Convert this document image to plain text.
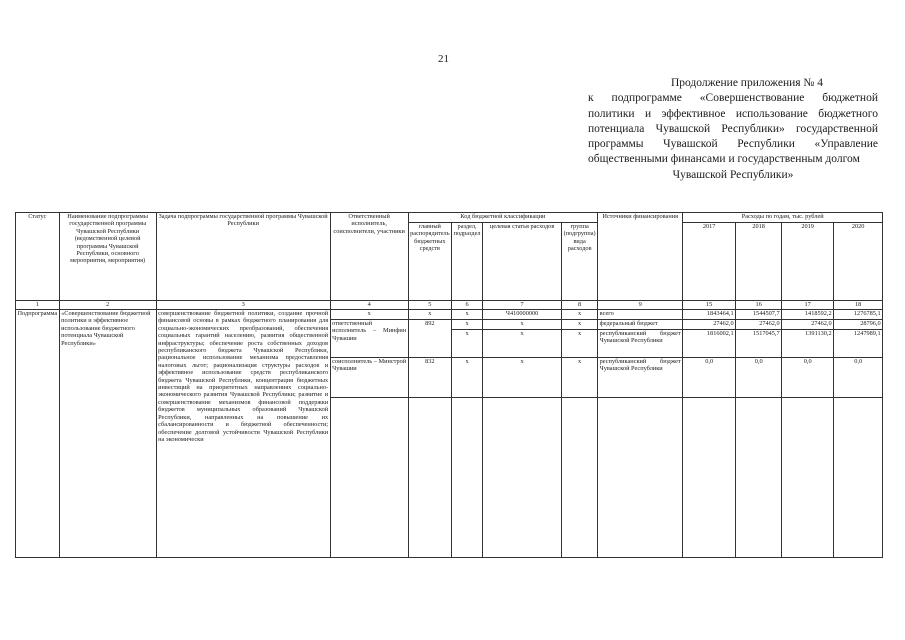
21
Продолжение приложения № 4
к подпрограмме «Совершенствование бюджетной политики и эффективное использование бюджетного потенциала Чувашской Республики» государственной программы Чувашской Республики «Управление общественными финансами и государственным долгом
Чувашской Республики»
Статус	Наименование подпрограммы государственной программы Чувашской Республики (ведомственной целевой программы Чувашской Республики, основного мероприятия, мероприятия)	Задача подпрограммы государственной программы Чувашской Республики	Ответственный исполнитель, соисполнители, участники	Код бюджетной классификации				Источники финансирования	Расходы по годам, тыс. рублей			
				главный распорядитель бюджетных средств	раздел, подраздел	целевая статья расходов	группа (подгруппа) вида расходов		2017	2018	2019	2020
1	2	3	4	5	6	7	8	9	15	16	17	18
Подпрограмма	«Совершенствование бюджетной политики и эффективное использование бюджетного потенциала Чувашской Республики»	совершенствование бюджетной политики, создание прочной финансовой основы в рамках бюджетного планирования для социально-экономических преобразований, обеспечения социальных гарантий населению, развития общественной инфраструктуры; обеспечение роста собственных доходов республиканского бюджета Чувашской Республики, рациональное использование механизма предоставления налоговых льгот; рационализация структуры расходов и эффективное использование средств республиканского бюджета Чувашской Республики, концентрация бюджетных инвестиций на приоритетных направлениях социально-экономического развития Чувашской Республики; развитие и совершенствование механизмов финансовой поддержки бюджетов муниципальных образований Чувашской Республики, направленных на повышение их сбалансированности и бюджетной обеспеченности; обеспечение долговой устойчивости Чувашской Республики на экономически	х	х	х	Ч410000000	х	всего	1843464,1	1544507,7	1418592,2	1276785,1
			ответственный исполнитель – Минфин Чувашии	892	х	х	х	федеральный бюджет	27462,0	27462,0	27462,0	28796,0
					х	х	х	республиканский бюджет Чувашской Республики	1816002,1	1517045,7	1391130,2	1247989,1
			соисполнитель – Минстрой Чувашии	832	х	х	х	республиканский бюджет Чувашской Республики	0,0	0,0	0,0	0,0
